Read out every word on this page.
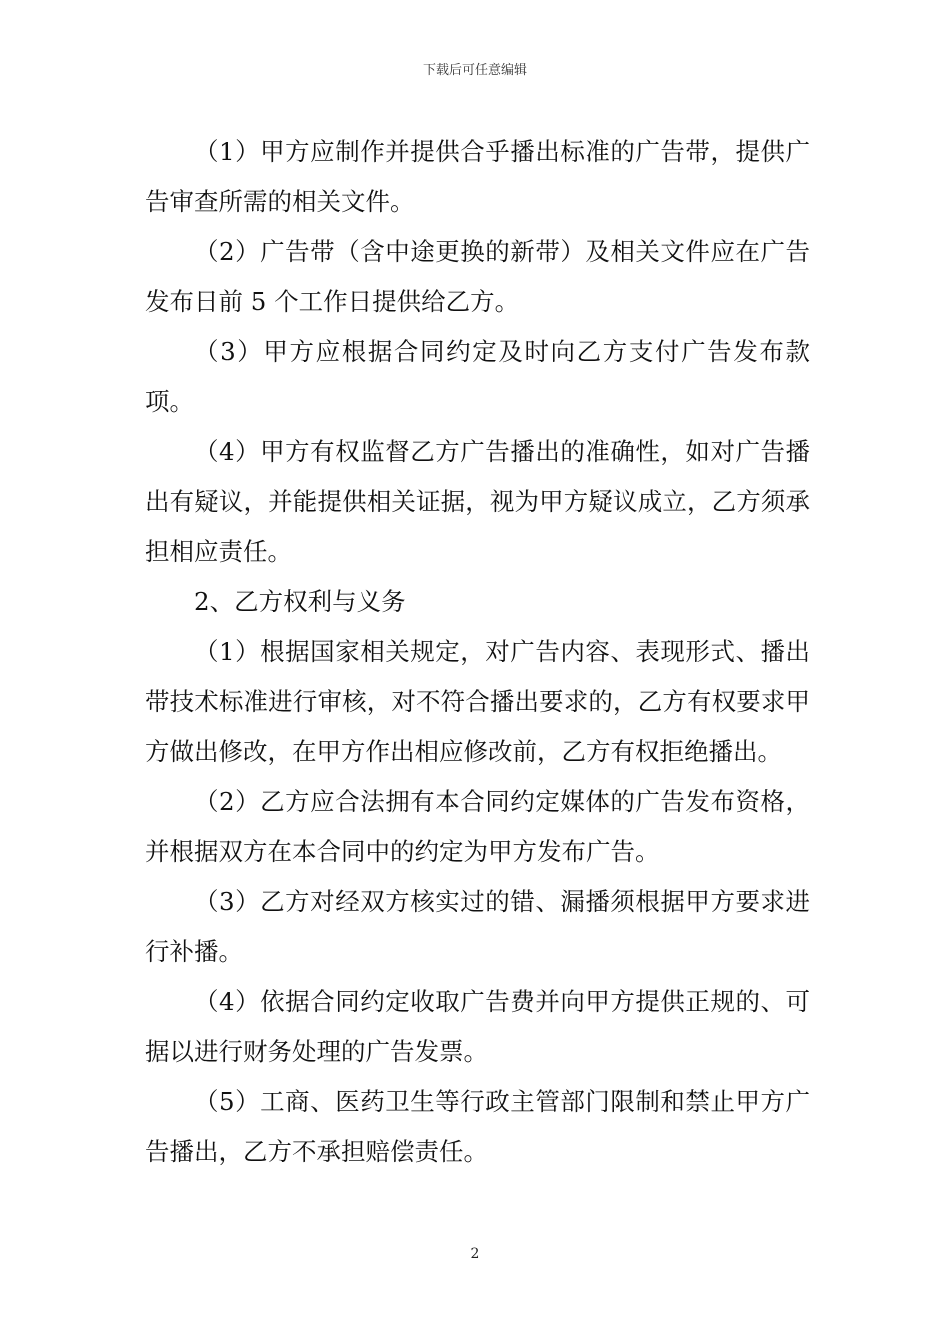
下载后可任意编辑

（1）甲方应制作并提供合乎播出标准的广告带，提供广告审查所需的相关文件。

（2）广告带（含中途更换的新带）及相关文件应在广告发布日前 5 个工作日提供给乙方。

（3）甲方应根据合同约定及时向乙方支付广告发布款项。

（4）甲方有权监督乙方广告播出的准确性，如对广告播出有疑议，并能提供相关证据，视为甲方疑议成立，乙方须承担相应责任。

2、乙方权利与义务

（1）根据国家相关规定，对广告内容、表现形式、播出带技术标准进行审核，对不符合播出要求的，乙方有权要求甲方做出修改，在甲方作出相应修改前，乙方有权拒绝播出。

（2）乙方应合法拥有本合同约定媒体的广告发布资格，并根据双方在本合同中的约定为甲方发布广告。

（3）乙方对经双方核实过的错、漏播须根据甲方要求进行补播。

（4）依据合同约定收取广告费并向甲方提供正规的、可据以进行财务处理的广告发票。

（5）工商、医药卫生等行政主管部门限制和禁止甲方广告播出，乙方不承担赔偿责任。

2
